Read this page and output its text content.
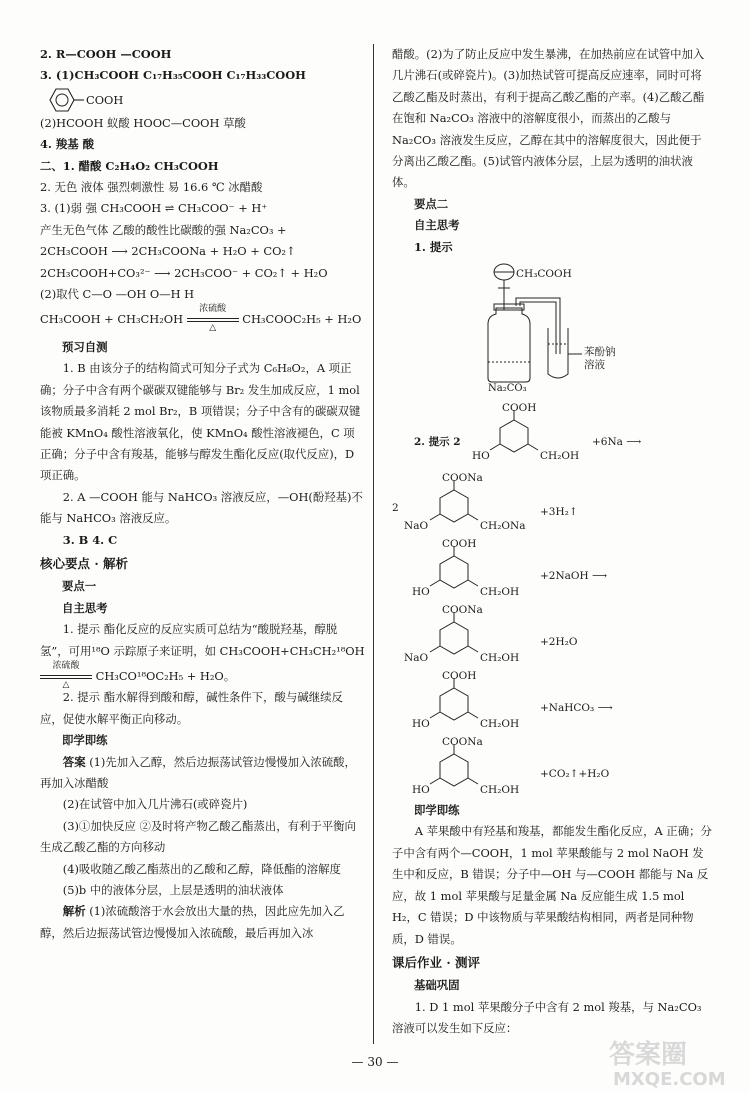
2. R—COOH —COOH

3. (1)CH₃COOH C₁₇H₃₅COOH C₁₇H₃₃COOH

COOH

(2)HCOOH 蚁酸 HOOC—COOH 草酸

4. 羧基 酸

二、1. 醋酸 C₂H₄O₂ CH₃COOH

2. 无色 液体 强烈刺激性 易 16.6 ℃ 冰醋酸

3. (1)弱 强 CH₃COOH ⇌ CH₃COO⁻ + H⁺

产生无色气体 乙酸的酸性比碳酸的强 Na₂CO₃ +

2CH₃COOH ⟶ 2CH₃COONa + H₂O + CO₂↑

2CH₃COOH+CO₃²⁻ ⟶ 2CH₃COO⁻ + CO₂↑ + H₂O

(2)取代 C—O —OH O—H H

CH₃COOH + CH₃CH₂OH
浓硫酸
△
CH₃COOC₂H₅ + H₂O

预习自测

1. B 由该分子的结构简式可知分子式为 C₆H₈O₂，A 项正确；分子中含有两个碳碳双键能够与 Br₂ 发生加成反应，1 mol 该物质最多消耗 2 mol Br₂，B 项错误；分子中含有的碳碳双键能被 KMnO₄ 酸性溶液氧化，使 KMnO₄ 酸性溶液褪色，C 项正确；分子中含有羧基，能够与醇发生酯化反应(取代反应)，D 项正确。

2. A —COOH 能与 NaHCO₃ 溶液反应，—OH(酚羟基)不能与 NaHCO₃ 溶液反应。

3. B 4. C

核心要点 · 解析

要点一

自主思考

1. 提示 酯化反应的反应实质可总结为“酸脱羟基，醇脱氢”，可用¹⁸O 示踪原子来证明，如 CH₃COOH+CH₃CH₂¹⁸OH

浓硫酸
△
CH₃CO¹⁸OC₂H₅ + H₂O。

2. 提示 酯水解得到酸和醇，碱性条件下，酸与碱继续反应，促使水解平衡正向移动。

即学即练

答案 (1)先加入乙醇，然后边振荡试管边慢慢加入浓硫酸，再加入冰醋酸

(2)在试管中加入几片沸石(或碎瓷片)

(3)①加快反应 ②及时将产物乙酸乙酯蒸出，有利于平衡向生成乙酸乙酯的方向移动

(4)吸收随乙酸乙酯蒸出的乙酸和乙醇，降低酯的溶解度

(5)b 中的液体分层，上层是透明的油状液体

解析 (1)浓硫酸溶于水会放出大量的热，因此应先加入乙醇，然后边振荡试管边慢慢加入浓硫酸，最后再加入冰

醋酸。(2)为了防止反应中发生暴沸，在加热前应在试管中加入几片沸石(或碎瓷片)。(3)加热试管可提高反应速率，同时可将乙酸乙酯及时蒸出，有利于提高乙酸乙酯的产率。(4)乙酸乙酯在饱和 Na₂CO₃ 溶液中的溶解度很小，而蒸出的乙酸与 Na₂CO₃ 溶液发生反应，乙醇在其中的溶解度很大，因此便于分离出乙酸乙酯。(5)试管内液体分层，上层为透明的油状液体。

要点二

自主思考

1. 提示

CH₃COOH
Na₂CO₃
苯酚钠
溶液
2. 提示 2
COOH
HO	CH₂OH
+6Na ⟶
2
COONa
NaO	CH₂ONa
+3H₂↑
COOH
HO	CH₂OH
+2NaOH ⟶
COONa
NaO	CH₂OH
+2H₂O
COOH
HO	CH₂OH
+NaHCO₃ ⟶
COONa
HO	CH₂OH
+CO₂↑+H₂O

即学即练

A 苹果酸中有羟基和羧基，都能发生酯化反应，A 正确；分子中含有两个—COOH，1 mol 苹果酸能与 2 mol NaOH 发生中和反应，B 错误；分子中—OH 与—COOH 都能与 Na 反应，故 1 mol 苹果酸与足量金属 Na 反应能生成 1.5 mol H₂，C 错误；D 中该物质与苹果酸结构相同，两者是同种物质，D 错误。

课后作业 · 测评

基础巩固

1. D 1 mol 苹果酸分子中含有 2 mol 羧基，与 Na₂CO₃ 溶液可以发生如下反应：

— 30 —	答案圈
MXQE.COM
